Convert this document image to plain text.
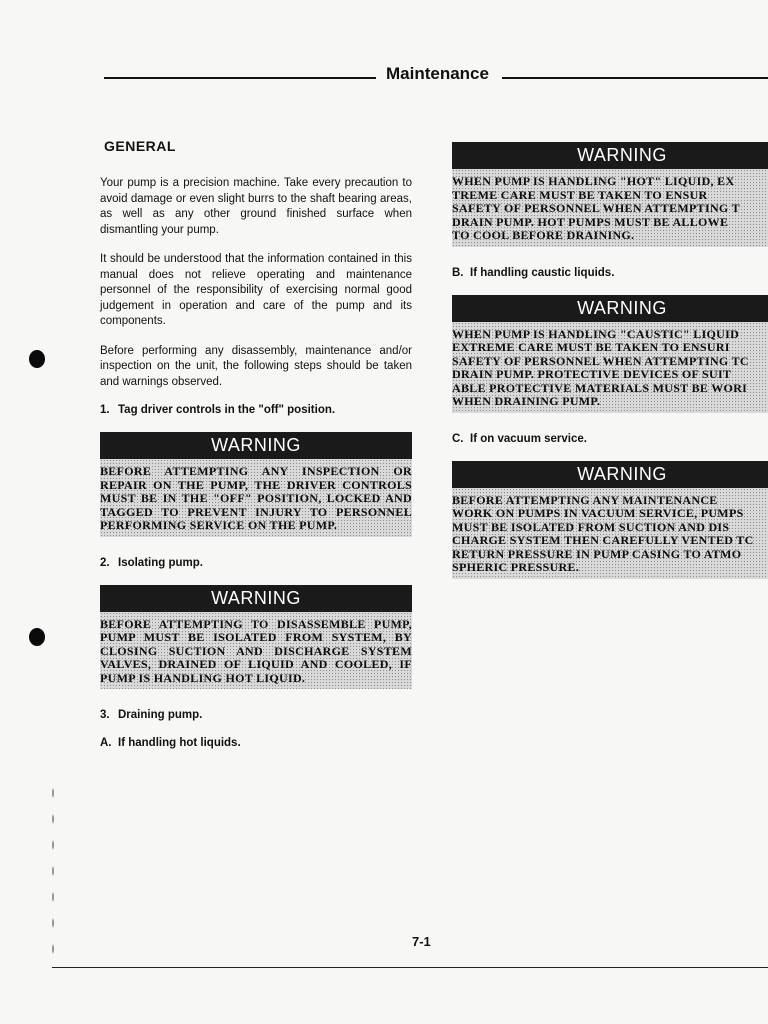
Maintenance
GENERAL

Your pump is a precision machine. Take every precaution to avoid damage or even slight burrs to the shaft bearing areas, as well as any other ground finished surface when dismantling your pump.

It should be understood that the information contained in this manual does not relieve operating and maintenance personnel of the responsibility of exercising normal good judgement in operation and care of the pump and its components.

Before performing any disassembly, maintenance and/or inspection on the unit, the following steps should be taken and warnings observed.

1. Tag driver controls in the "off" position.
WARNING
BEFORE ATTEMPTING ANY INSPECTION OR REPAIR ON THE PUMP, THE DRIVER CONTROLS MUST BE IN THE "OFF" POSITION, LOCKED AND TAGGED TO PREVENT INJURY TO PERSONNEL PERFORMING SERVICE ON THE PUMP.
2. Isolating pump.
WARNING
BEFORE ATTEMPTING TO DISASSEMBLE PUMP, PUMP MUST BE ISOLATED FROM SYSTEM, BY CLOSING SUCTION AND DISCHARGE SYSTEM VALVES, DRAINED OF LIQUID AND COOLED, IF PUMP IS HANDLING HOT LIQUID.
3. Draining pump.
A. If handling hot liquids.
WARNING
WHEN PUMP IS HANDLING "HOT" LIQUID, EX
TREME CARE MUST BE TAKEN TO ENSUR
SAFETY OF PERSONNEL WHEN ATTEMPTING T
DRAIN PUMP. HOT PUMPS MUST BE ALLOWE
TO COOL BEFORE DRAINING.
B. If handling caustic liquids.
WARNING
WHEN PUMP IS HANDLING "CAUSTIC" LIQUID
EXTREME CARE MUST BE TAKEN TO ENSURI
SAFETY OF PERSONNEL WHEN ATTEMPTING TC
DRAIN PUMP. PROTECTIVE DEVICES OF SUIT
ABLE PROTECTIVE MATERIALS MUST BE WORI
WHEN DRAINING PUMP.
C. If on vacuum service.
WARNING
BEFORE ATTEMPTING ANY MAINTENANCE
WORK ON PUMPS IN VACUUM SERVICE, PUMPS
MUST BE ISOLATED FROM SUCTION AND DIS
CHARGE SYSTEM THEN CAREFULLY VENTED TC
RETURN PRESSURE IN PUMP CASING TO ATMO
SPHERIC PRESSURE.
7-1
